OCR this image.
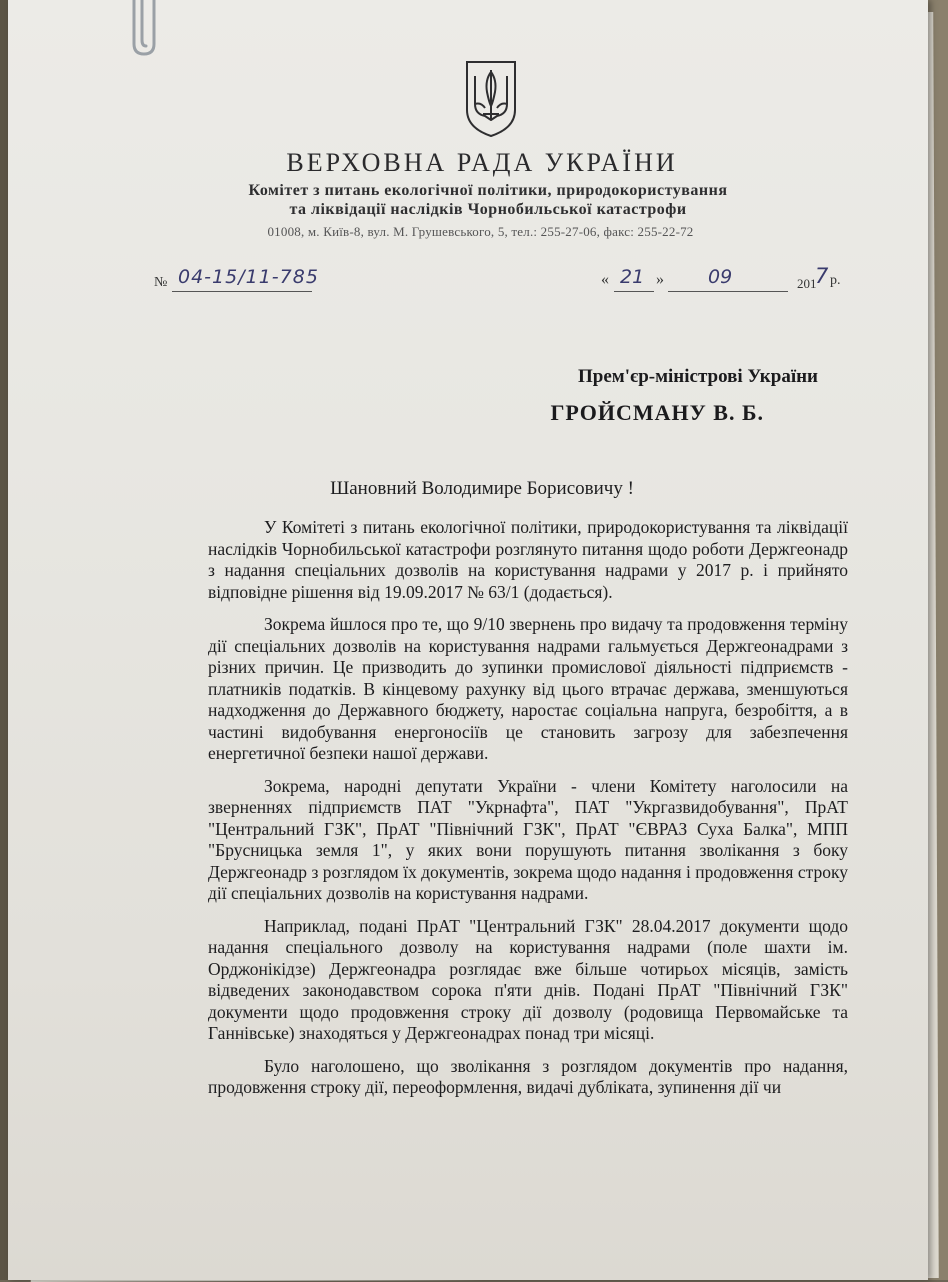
ВЕРХОВНА РАДА УКРАЇНИ
Комітет з питань екологічної політики, природокористування
та ліквідації наслідків Чорнобильської катастрофи
01008, м. Київ-8, вул. М. Грушевського, 5, тел.: 255-27-06, факс: 255-22-72
№ 04-15/11-785	« 21 » 09	201
7 р.
Прем'єр-міністрові України
ГРОЙСМАНУ В. Б.
Шановний Володимире Борисовичу !

У Комітеті з питань екологічної політики, природокористування та ліквідації наслідків Чорнобильської катастрофи розглянуто питання щодо роботи Держгеонадр з надання спеціальних дозволів на користування надрами у 2017 р. і прийнято відповідне рішення від 19.09.2017 № 63/1 (додається).

Зокрема йшлося про те, що 9/10 звернень про видачу та продовження терміну дії спеціальних дозволів на користування надрами гальмується Держгеонадрами з різних причин. Це призводить до зупинки промислової діяльності підприємств - платників податків. В кінцевому рахунку від цього втрачає держава, зменшуються надходження до Державного бюджету, наростає соціальна напруга, безробіття, а в частині видобування енергоносіїв це становить загрозу для забезпечення енергетичної безпеки нашої держави.

Зокрема, народні депутати України - члени Комітету наголосили на зверненнях підприємств ПАТ "Укрнафта", ПАТ "Укргазвидобування", ПрАТ "Центральний ГЗК", ПрАТ "Північний ГЗК", ПрАТ "ЄВРАЗ Суха Балка", МПП "Брусницька земля 1", у яких вони порушують питання зволікання з боку Держгеонадр з розглядом їх документів, зокрема щодо надання і продовження строку дії спеціальних дозволів на користування надрами.

Наприклад, подані ПрАТ "Центральний ГЗК" 28.04.2017 документи щодо надання спеціального дозволу на користування надрами (поле шахти ім. Орджонікідзе) Держгеонадра розглядає вже більше чотирьох місяців, замість відведених законодавством сорока п'яти днів. Подані ПрАТ "Північний ГЗК" документи щодо продовження строку дії дозволу (родовища Первомайське та Ганнівське) знаходяться у Держгеонадрах понад три місяці.

Було наголошено, що зволікання з розглядом документів про надання, продовження строку дії, переоформлення, видачі дубліката, зупинення дії чи
